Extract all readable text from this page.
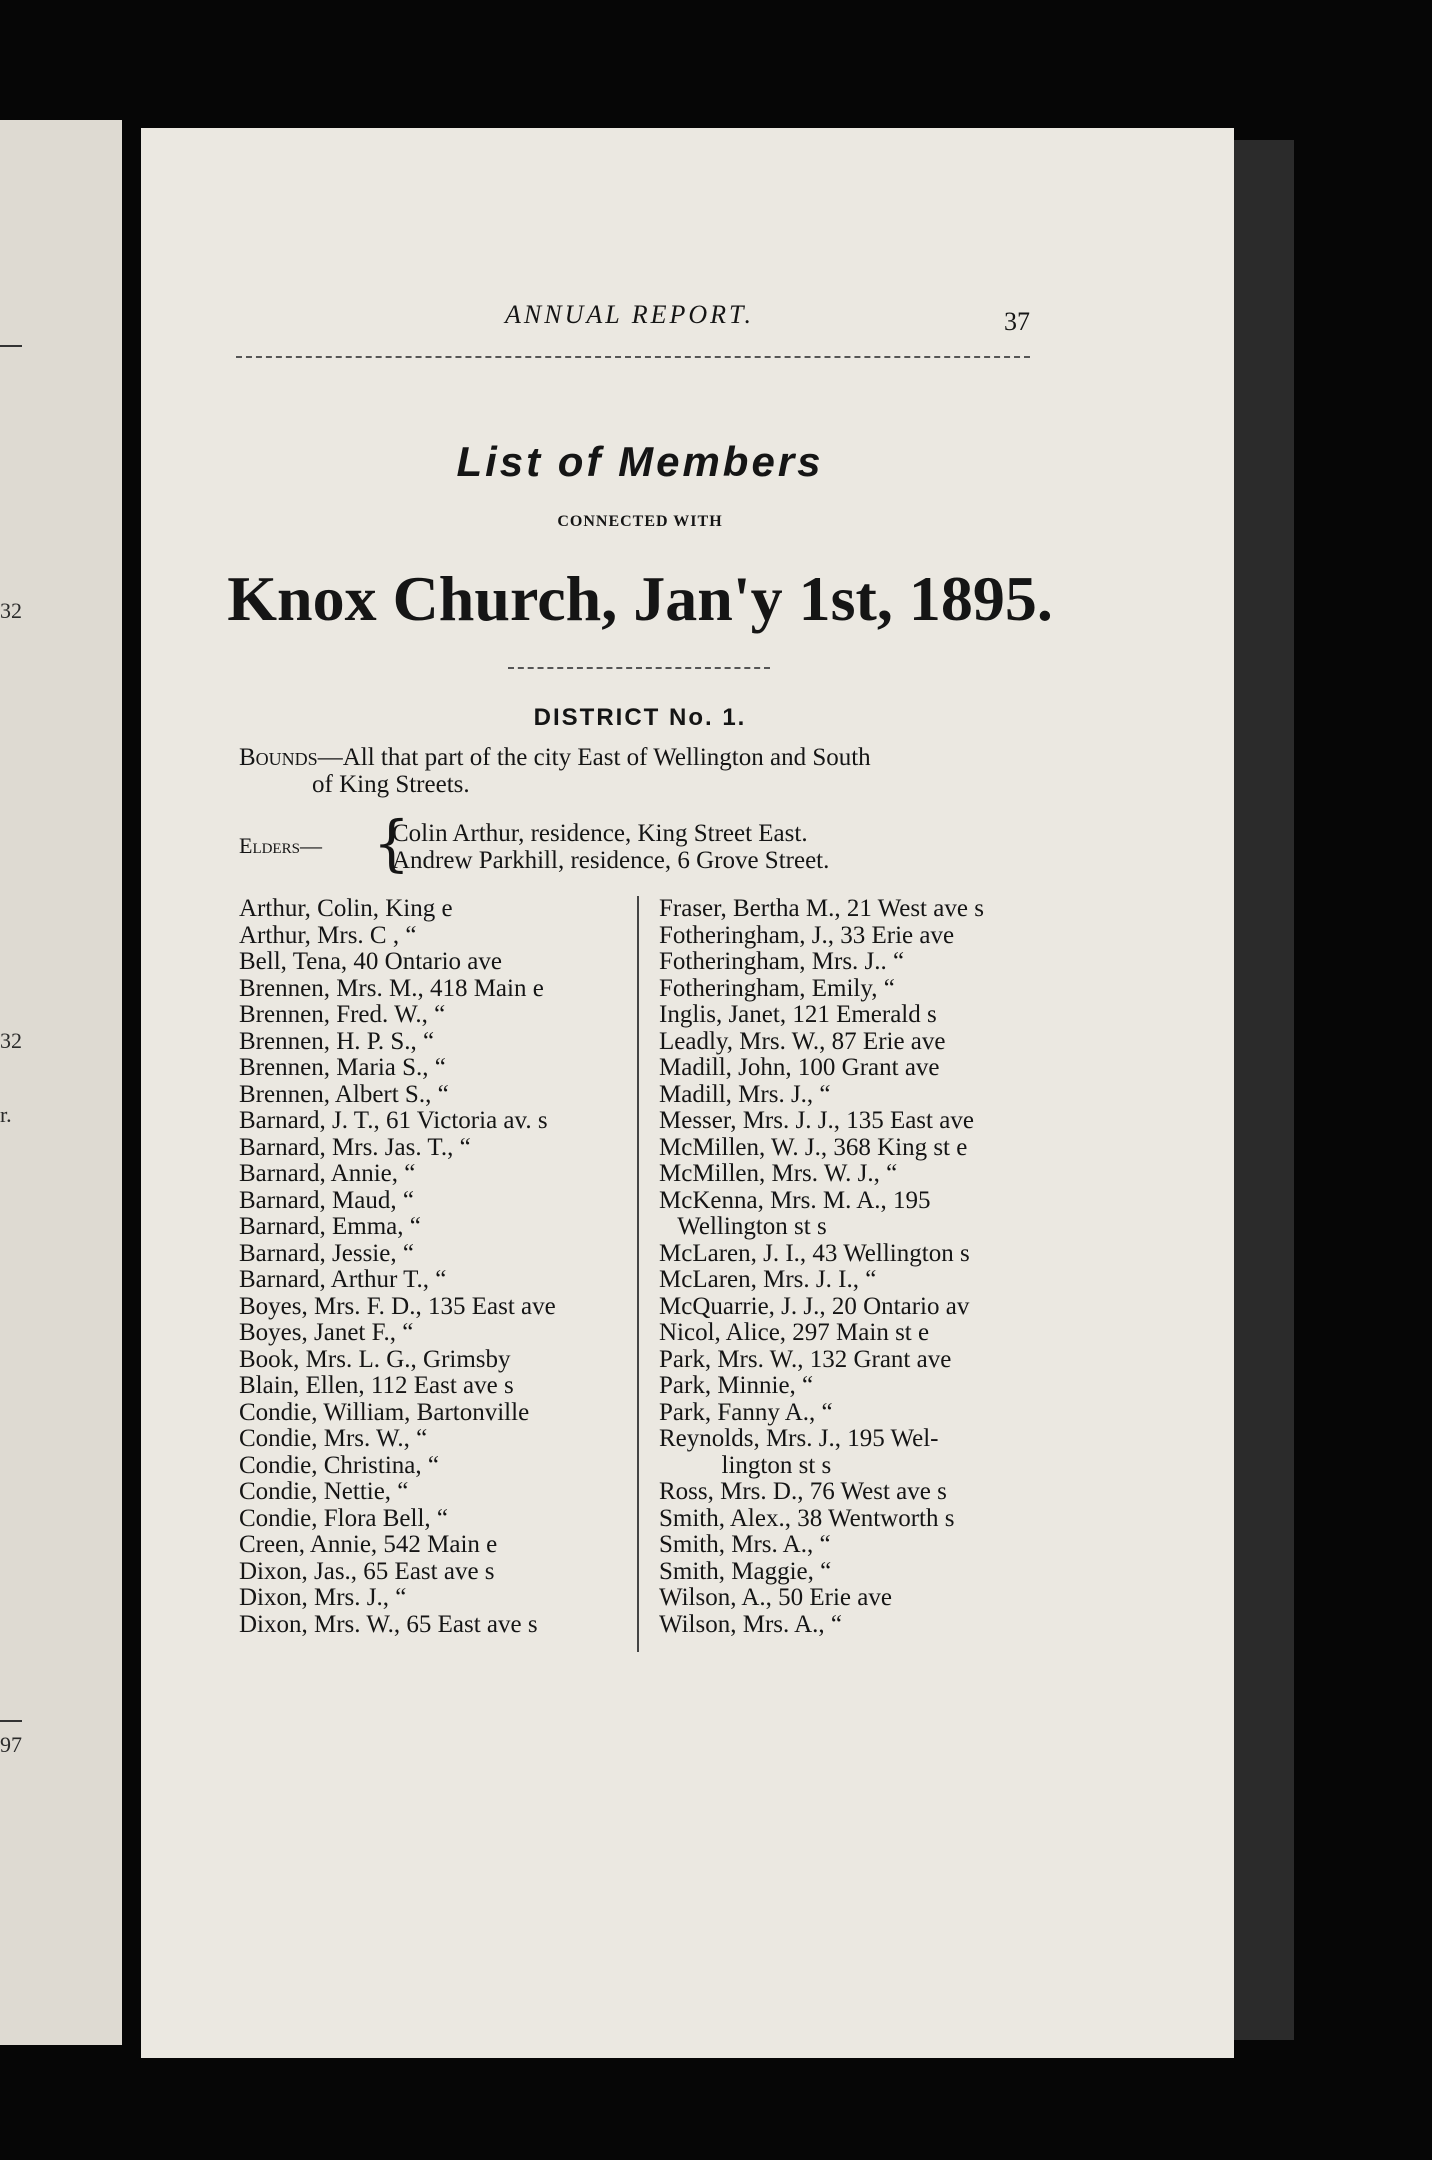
32
32
r.
97
ANNUAL REPORT.	37
List of Members
CONNECTED WITH
Knox Church, Jan'y 1st, 1895.
DISTRICT No. 1.
Bounds—All that part of the city East of Wellington and South
of King Streets.
Elders— {
Colin Arthur, residence, King Street East.
Andrew Parkhill, residence, 6 Grove Street.
Arthur, Colin, King e
Arthur, Mrs. C , “
Bell, Tena, 40 Ontario ave
Brennen, Mrs. M., 418 Main e
Brennen, Fred. W., “
Brennen, H. P. S., “
Brennen, Maria S., “
Brennen, Albert S., “
Barnard, J. T., 61 Victoria av. s
Barnard, Mrs. Jas. T., “
Barnard, Annie, “
Barnard, Maud, “
Barnard, Emma, “
Barnard, Jessie, “
Barnard, Arthur T., “
Boyes, Mrs. F. D., 135 East ave
Boyes, Janet F., “
Book, Mrs. L. G., Grimsby
Blain, Ellen, 112 East ave s
Condie, William, Bartonville
Condie, Mrs. W., “
Condie, Christina, “
Condie, Nettie, “
Condie, Flora Bell, “
Creen, Annie, 542 Main e
Dixon, Jas., 65 East ave s
Dixon, Mrs. J., “
Dixon, Mrs. W., 65 East ave s
Fraser, Bertha M., 21 West ave s
Fotheringham, J., 33 Erie ave
Fotheringham, Mrs. J.. “
Fotheringham, Emily, “
Inglis, Janet, 121 Emerald s
Leadly, Mrs. W., 87 Erie ave
Madill, John, 100 Grant ave
Madill, Mrs. J., “
Messer, Mrs. J. J., 135 East ave
McMillen, W. J., 368 King st e
McMillen, Mrs. W. J., “
McKenna, Mrs. M. A., 195
Wellington st s
McLaren, J. I., 43 Wellington s
McLaren, Mrs. J. I., “
McQuarrie, J. J., 20 Ontario av
Nicol, Alice, 297 Main st e
Park, Mrs. W., 132 Grant ave
Park, Minnie, “
Park, Fanny A., “
Reynolds, Mrs. J., 195 Wel-
lington st s
Ross, Mrs. D., 76 West ave s
Smith, Alex., 38 Wentworth s
Smith, Mrs. A., “
Smith, Maggie, “
Wilson, A., 50 Erie ave
Wilson, Mrs. A., “
